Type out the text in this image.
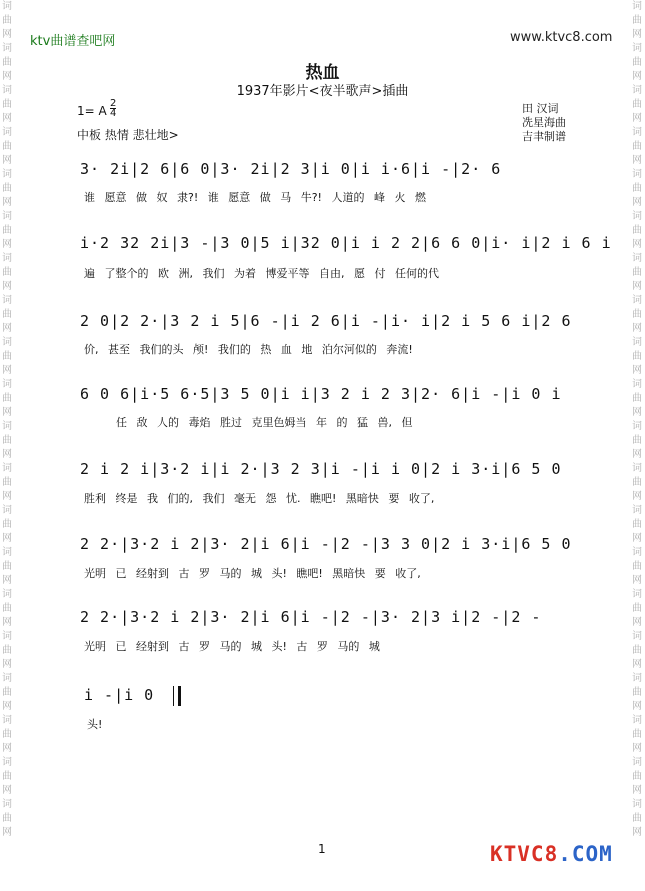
词曲网词曲网词曲网词曲网词曲网词曲网词曲网词曲网词曲网词曲网词曲网词曲网词曲网词曲网词曲网词曲网词曲网词曲网词曲网词曲网
词曲网词曲网词曲网词曲网词曲网词曲网词曲网词曲网词曲网词曲网词曲网词曲网词曲网词曲网词曲网词曲网词曲网词曲网词曲网词曲网
ktv曲谱查吧网	www.ktvc8.com
热血
1937年影片<夜半歌声>插曲
1= A
2
4
中板 热情 悲壮地>
田 汉词
冼星海曲
吉聿制谱
3· 2i|2 6|6 0|3· 2i|2 3|i 0|i i·6|i -|2· 6
谁 愿意 做 奴 隶?! 谁 愿意 做 马 牛?! 人道的 峰 火 燃
i·2 32 2i|3 -|3 0|5 i|32 0|i i 2 2|6 6 0|i· i|2 i 6 i
遍 了整个的 欧 洲, 我们 为着 博爱平等 自由, 愿 付 任何的代
2 0|2 2·|3 2 i 5|6 -|i 2 6|i -|i· i|2 i 5 6 i|2 6
价, 甚至 我们的头 颅! 我们的 热 血 地 泊尔河似的 奔流!
6 0 6|i·5 6·5|3 5 0|i i|3 2 i 2 3|2· 6|i -|i 0 i
任 敌 人的 毒焰 胜过 克里色姆当 年 的 猛 兽, 但
2 i 2 i|3·2 i|i 2·|3 2 3|i -|i i 0|2 i 3·i|6 5 0
胜利 终是 我 们的, 我们 毫无 怨 忧. 瞧吧! 黑暗快 要 收了,
2 2·|3·2 i 2|3· 2|i 6|i -|2 -|3 3 0|2 i 3·i|6 5 0
光明 已 经射到 古 罗 马的 城 头! 瞧吧! 黑暗快 要 收了,
2 2·|3·2 i 2|3· 2|i 6|i -|2 -|3· 2|3 i|2 -|2 -
光明 已 经射到 古 罗 马的 城 头! 古 罗 马的 城
i -|i 0
头!
1	KTVC8.COM
